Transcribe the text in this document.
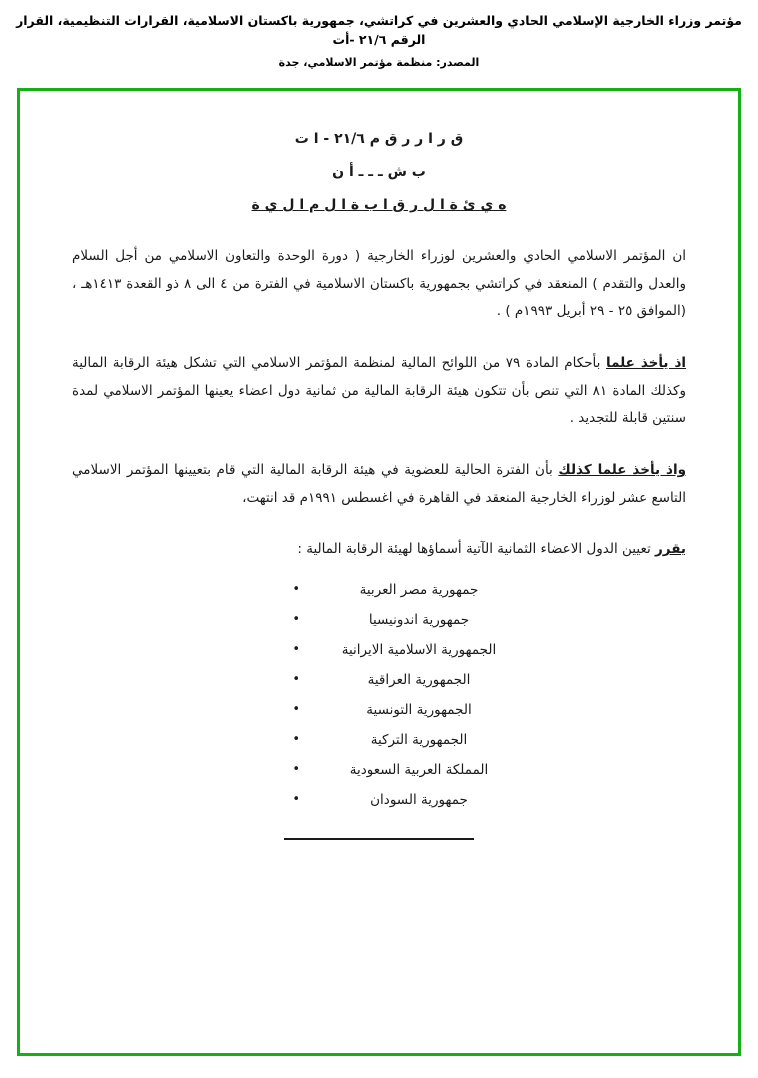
مؤتمر وزراء الخارجية الإسلامي الحادي والعشرين في كراتشي، جمهورية باكستان الاسلامية، القرارات التنظيمية، القرار الرقم ٢١/٦ -أت
المصدر: منظمة مؤتمر الاسلامي، جدة
ق ر ا ر ر ق م ٢١/٦ - ا ت
ب ش ـ ـ ـ أ ن
ه ي ئ ة ا ل ر ق ا ب ة ا ل م ا ل ي ة

ان المؤتمر الاسلامي الحادي والعشرين لوزراء الخارجية ( دورة الوحدة والتعاون الاسلامي من أجل السلام والعدل والتقدم ) المنعقد في كراتشي بجمهورية باكستان الاسلامية في الفترة من ٤ الى ٨ ذو القعدة ١٤١٣هـ ،(الموافق ٢٥ - ٢٩ أبريل ١٩٩٣م ) .

اذ يأخذ علما بأحكام المادة ٧٩ من اللوائح المالية لمنظمة المؤتمر الاسلامي التي تشكل هيئة الرقابة المالية وكذلك المادة ٨١ التي تنص بأن تتكون هيئة الرقابة المالية من ثمانية دول اعضاء يعينها المؤتمر الاسلامي لمدة سنتين قابلة للتجديد .

واذ يأخذ علما كذلك بأن الفترة الحالية للعضوية في هيئة الرقابة المالية التي قام بتعيينها المؤتمر الاسلامي التاسع عشر لوزراء الخارجية المنعقد في القاهرة في اغسطس ١٩٩١م قد انتهت،

يقرر تعيين الدول الاعضاء الثمانية الآتية أسماؤها لهيئة الرقابة المالية :

جمهورية مصر العربية
•
جمهورية اندونيسيا
•
الجمهورية الاسلامية الايرانية
•
الجمهورية العراقية
•
الجمهورية التونسية
•
الجمهورية التركية
•
المملكة العربية السعودية
•
جمهورية السودان
•
